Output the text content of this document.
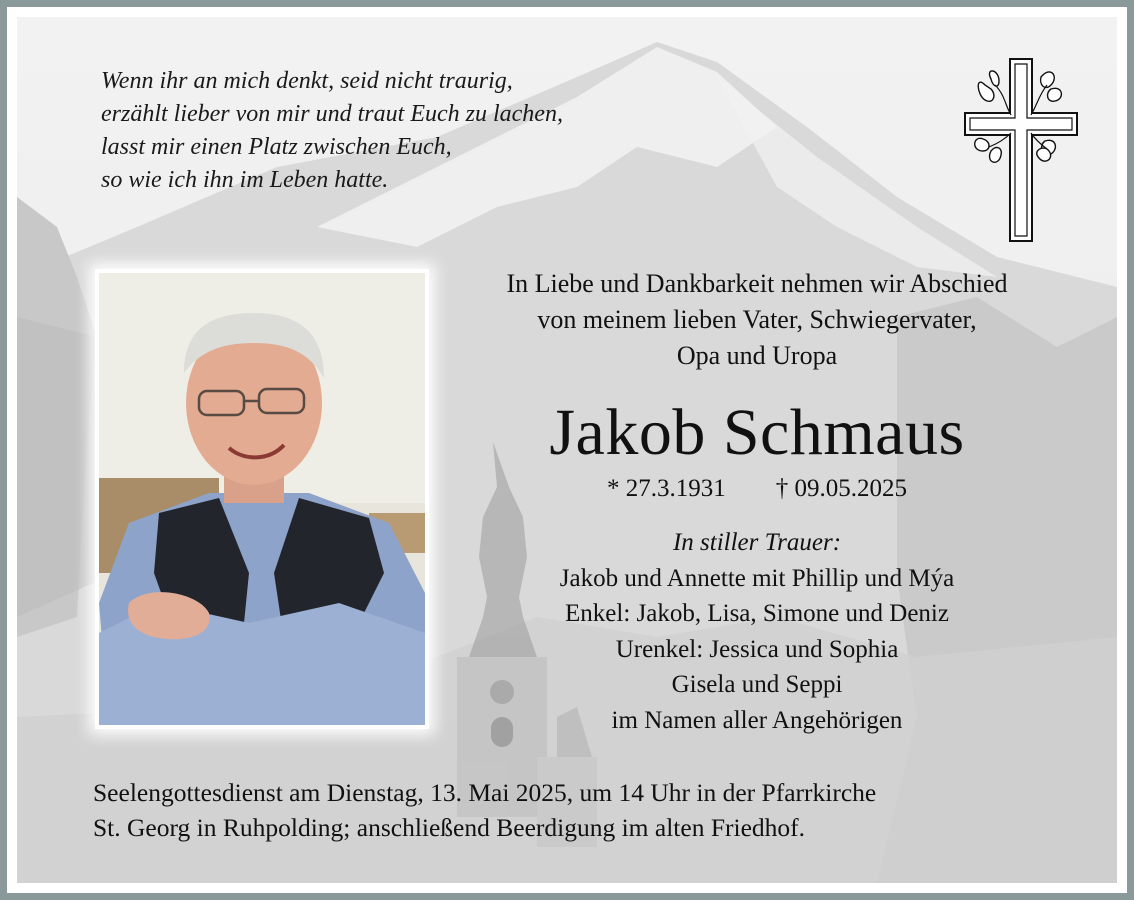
Wenn ihr an mich denkt, seid nicht traurig,
erzählt lieber von mir und traut Euch zu lachen,
lasst mir einen Platz zwischen Euch,
so wie ich ihn im Leben hatte.
In Liebe und Dankbarkeit nehmen wir Abschied
von meinem lieben Vater, Schwiegervater,
Opa und Uropa
Jakob Schmaus
* 27.3.1931 † 09.05.2025
In stiller Trauer:
Jakob und Annette mit Phillip und Mýa
Enkel: Jakob, Lisa, Simone und Deniz
Urenkel: Jessica und Sophia
Gisela und Seppi
im Namen aller Angehörigen
Seelengottesdienst am Dienstag, 13. Mai 2025, um 14 Uhr in der Pfarrkirche
St. Georg in Ruhpolding; anschließend Beerdigung im alten Friedhof.
